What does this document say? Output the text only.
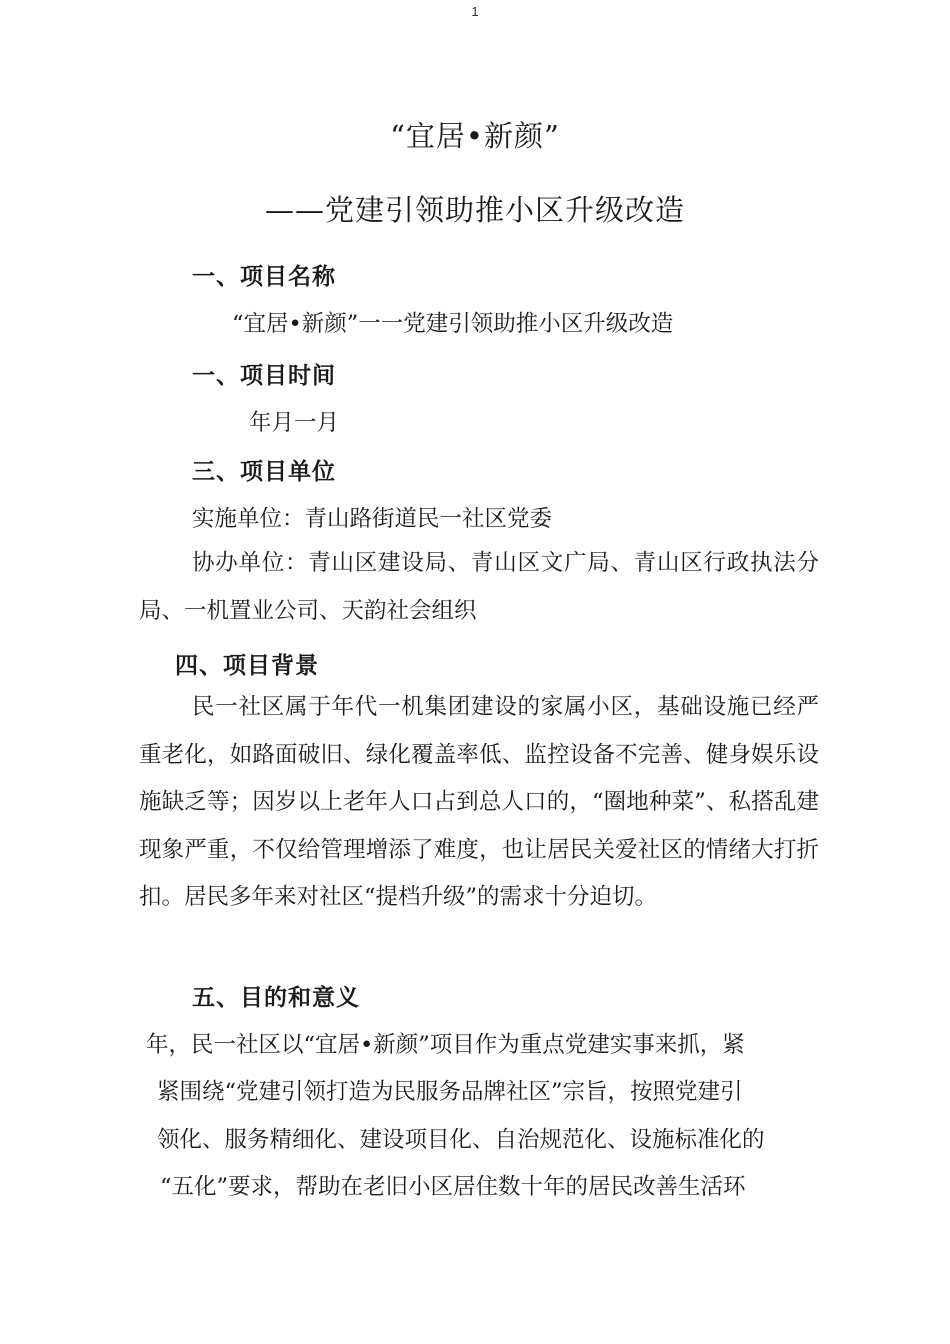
1
“宜居•新颜”
——党建引领助推小区升级改造
一、项目名称
“宜居•新颜”一一党建引领助推小区升级改造
一、项目时间
年月一月
三、项目单位
实施单位：青山路街道民一社区党委
协办单位：青山区建设局、青山区文广局、青山区行政执法分局、一机置业公司、天韵社会组织
四、项目背景
民一社区属于年代一机集团建设的家属小区，基础设施已经严重老化，如路面破旧、绿化覆盖率低、监控设备不完善、健身娱乐设施缺乏等；因岁以上老年人口占到总人口的，“圈地种菜”、私搭乱建现象严重，不仅给管理增添了难度，也让居民关爱社区的情绪大打折扣。居民多年来对社区“提档升级”的需求十分迫切。
五、目的和意义
年，民一社区以“宜居•新颜”项目作为重点党建实事来抓，紧
紧围绕“党建引领打造为民服务品牌社区”宗旨，按照党建引
领化、服务精细化、建设项目化、自治规范化、设施标准化的
“五化”要求，帮助在老旧小区居住数十年的居民改善生活环
